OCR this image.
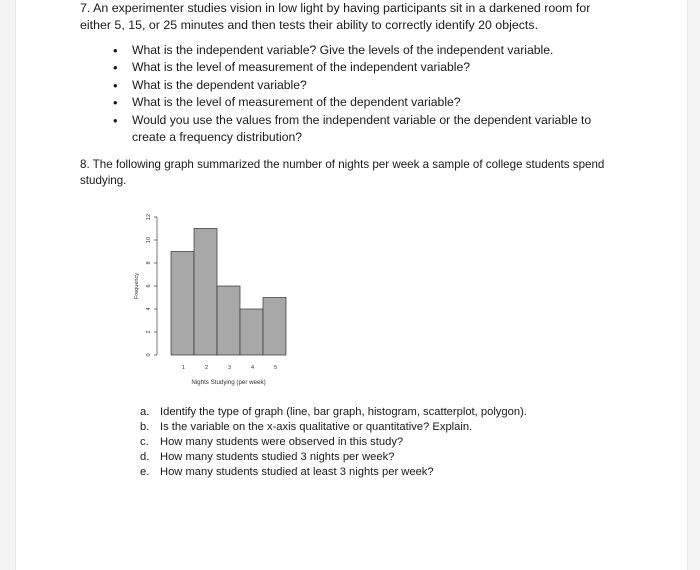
7. An experimenter studies vision in low light by having participants sit in a darkened room for either 5, 15, or 25 minutes and then tests their ability to correctly identify 20 objects.
• What is the independent variable? Give the levels of the independent variable.
• What is the level of measurement of the independent variable?
• What is the dependent variable?
• What is the level of measurement of the dependent variable?
• Would you use the values from the independent variable or the dependent variable to create a frequency distribution?
8. The following graph summarized the number of nights per week a sample of college students spend studying.
0
2
4
6
8
10
12
1	2	3	4	5
Frequency
Nights Studying (per week)
a. Identify the type of graph (line, bar graph, histogram, scatterplot, polygon).
b. Is the variable on the x-axis qualitative or quantitative? Explain.
c. How many students were observed in this study?
d. How many students studied 3 nights per week?
e. How many students studied at least 3 nights per week?
